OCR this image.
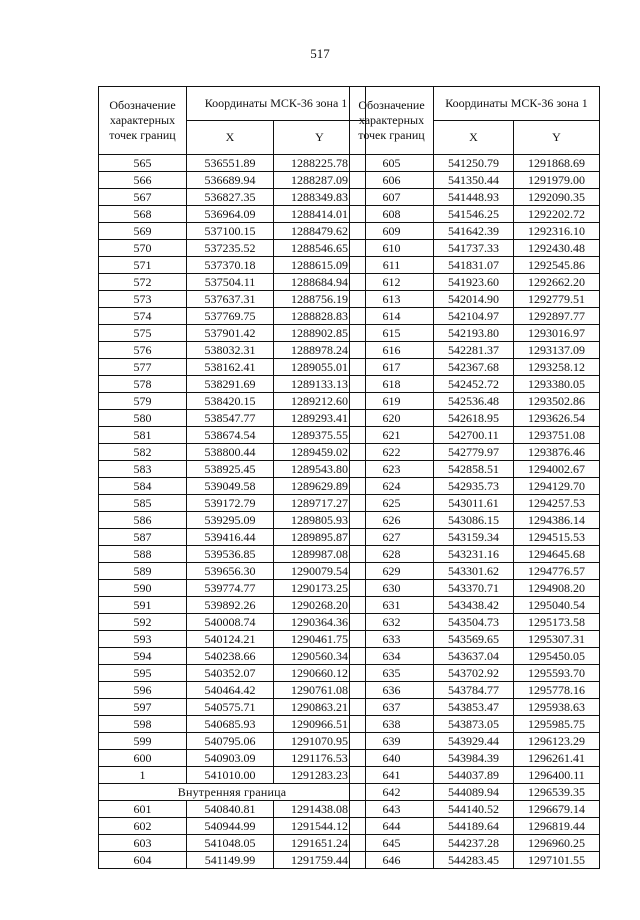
517
Обозначение характерных точек границ	Координаты МСК-36 зона 1	
	X	Y
565	536551.89	1288225.78
566	536689.94	1288287.09
567	536827.35	1288349.83
568	536964.09	1288414.01
569	537100.15	1288479.62
570	537235.52	1288546.65
571	537370.18	1288615.09
572	537504.11	1288684.94
573	537637.31	1288756.19
574	537769.75	1288828.83
575	537901.42	1288902.85
576	538032.31	1288978.24
577	538162.41	1289055.01
578	538291.69	1289133.13
579	538420.15	1289212.60
580	538547.77	1289293.41
581	538674.54	1289375.55
582	538800.44	1289459.02
583	538925.45	1289543.80
584	539049.58	1289629.89
585	539172.79	1289717.27
586	539295.09	1289805.93
587	539416.44	1289895.87
588	539536.85	1289987.08
589	539656.30	1290079.54
590	539774.77	1290173.25
591	539892.26	1290268.20
592	540008.74	1290364.36
593	540124.21	1290461.75
594	540238.66	1290560.34
595	540352.07	1290660.12
596	540464.42	1290761.08
597	540575.71	1290863.21
598	540685.93	1290966.51
599	540795.06	1291070.95
600	540903.09	1291176.53
1	541010.00	1291283.23
Внутренняя граница		
601	540840.81	1291438.08
602	540944.99	1291544.12
603	541048.05	1291651.24
604	541149.99	1291759.44
Обозначение характерных точек границ	Координаты МСК-36 зона 1	
	X	Y
605	541250.79	1291868.69
606	541350.44	1291979.00
607	541448.93	1292090.35
608	541546.25	1292202.72
609	541642.39	1292316.10
610	541737.33	1292430.48
611	541831.07	1292545.86
612	541923.60	1292662.20
613	542014.90	1292779.51
614	542104.97	1292897.77
615	542193.80	1293016.97
616	542281.37	1293137.09
617	542367.68	1293258.12
618	542452.72	1293380.05
619	542536.48	1293502.86
620	542618.95	1293626.54
621	542700.11	1293751.08
622	542779.97	1293876.46
623	542858.51	1294002.67
624	542935.73	1294129.70
625	543011.61	1294257.53
626	543086.15	1294386.14
627	543159.34	1294515.53
628	543231.16	1294645.68
629	543301.62	1294776.57
630	543370.71	1294908.20
631	543438.42	1295040.54
632	543504.73	1295173.58
633	543569.65	1295307.31
634	543637.04	1295450.05
635	543702.92	1295593.70
636	543784.77	1295778.16
637	543853.47	1295938.63
638	543873.05	1295985.75
639	543929.44	1296123.29
640	543984.39	1296261.41
641	544037.89	1296400.11
642	544089.94	1296539.35
643	544140.52	1296679.14
644	544189.64	1296819.44
645	544237.28	1296960.25
646	544283.45	1297101.55
